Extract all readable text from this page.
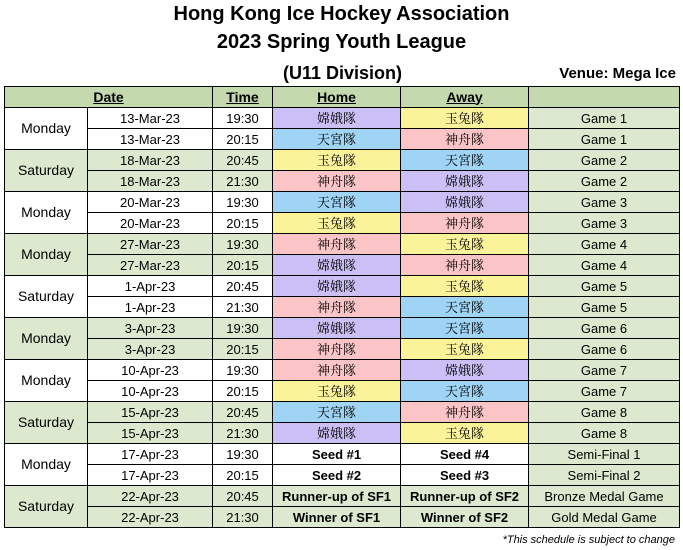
Hong Kong Ice Hockey Association
2023 Spring Youth League
(U11 Division)	Venue: Mega Ice
Date		Time	Home	Away	
Monday	13-Mar-23	19:30	嫦娥隊	玉兔隊	Game 1
	13-Mar-23	20:15	天宮隊	神舟隊	Game 1
Saturday	18-Mar-23	20:45	玉兔隊	天宮隊	Game 2
	18-Mar-23	21:30	神舟隊	嫦娥隊	Game 2
Monday	20-Mar-23	19:30	天宮隊	嫦娥隊	Game 3
	20-Mar-23	20:15	玉兔隊	神舟隊	Game 3
Monday	27-Mar-23	19:30	神舟隊	玉兔隊	Game 4
	27-Mar-23	20:15	嫦娥隊	神舟隊	Game 4
Saturday	1-Apr-23	20:45	嫦娥隊	玉兔隊	Game 5
	1-Apr-23	21:30	神舟隊	天宮隊	Game 5
Monday	3-Apr-23	19:30	嫦娥隊	天宮隊	Game 6
	3-Apr-23	20:15	神舟隊	玉兔隊	Game 6
Monday	10-Apr-23	19:30	神舟隊	嫦娥隊	Game 7
	10-Apr-23	20:15	玉兔隊	天宮隊	Game 7
Saturday	15-Apr-23	20:45	天宮隊	神舟隊	Game 8
	15-Apr-23	21:30	嫦娥隊	玉兔隊	Game 8
Monday	17-Apr-23	19:30	Seed #1	Seed #4	Semi-Final 1
	17-Apr-23	20:15	Seed #2	Seed #3	Semi-Final 2
Saturday	22-Apr-23	20:45	Runner-up of SF1	Runner-up of SF2	Bronze Medal Game
	22-Apr-23	21:30	Winner of SF1	Winner of SF2	Gold Medal Game
*This schedule is subject to change
